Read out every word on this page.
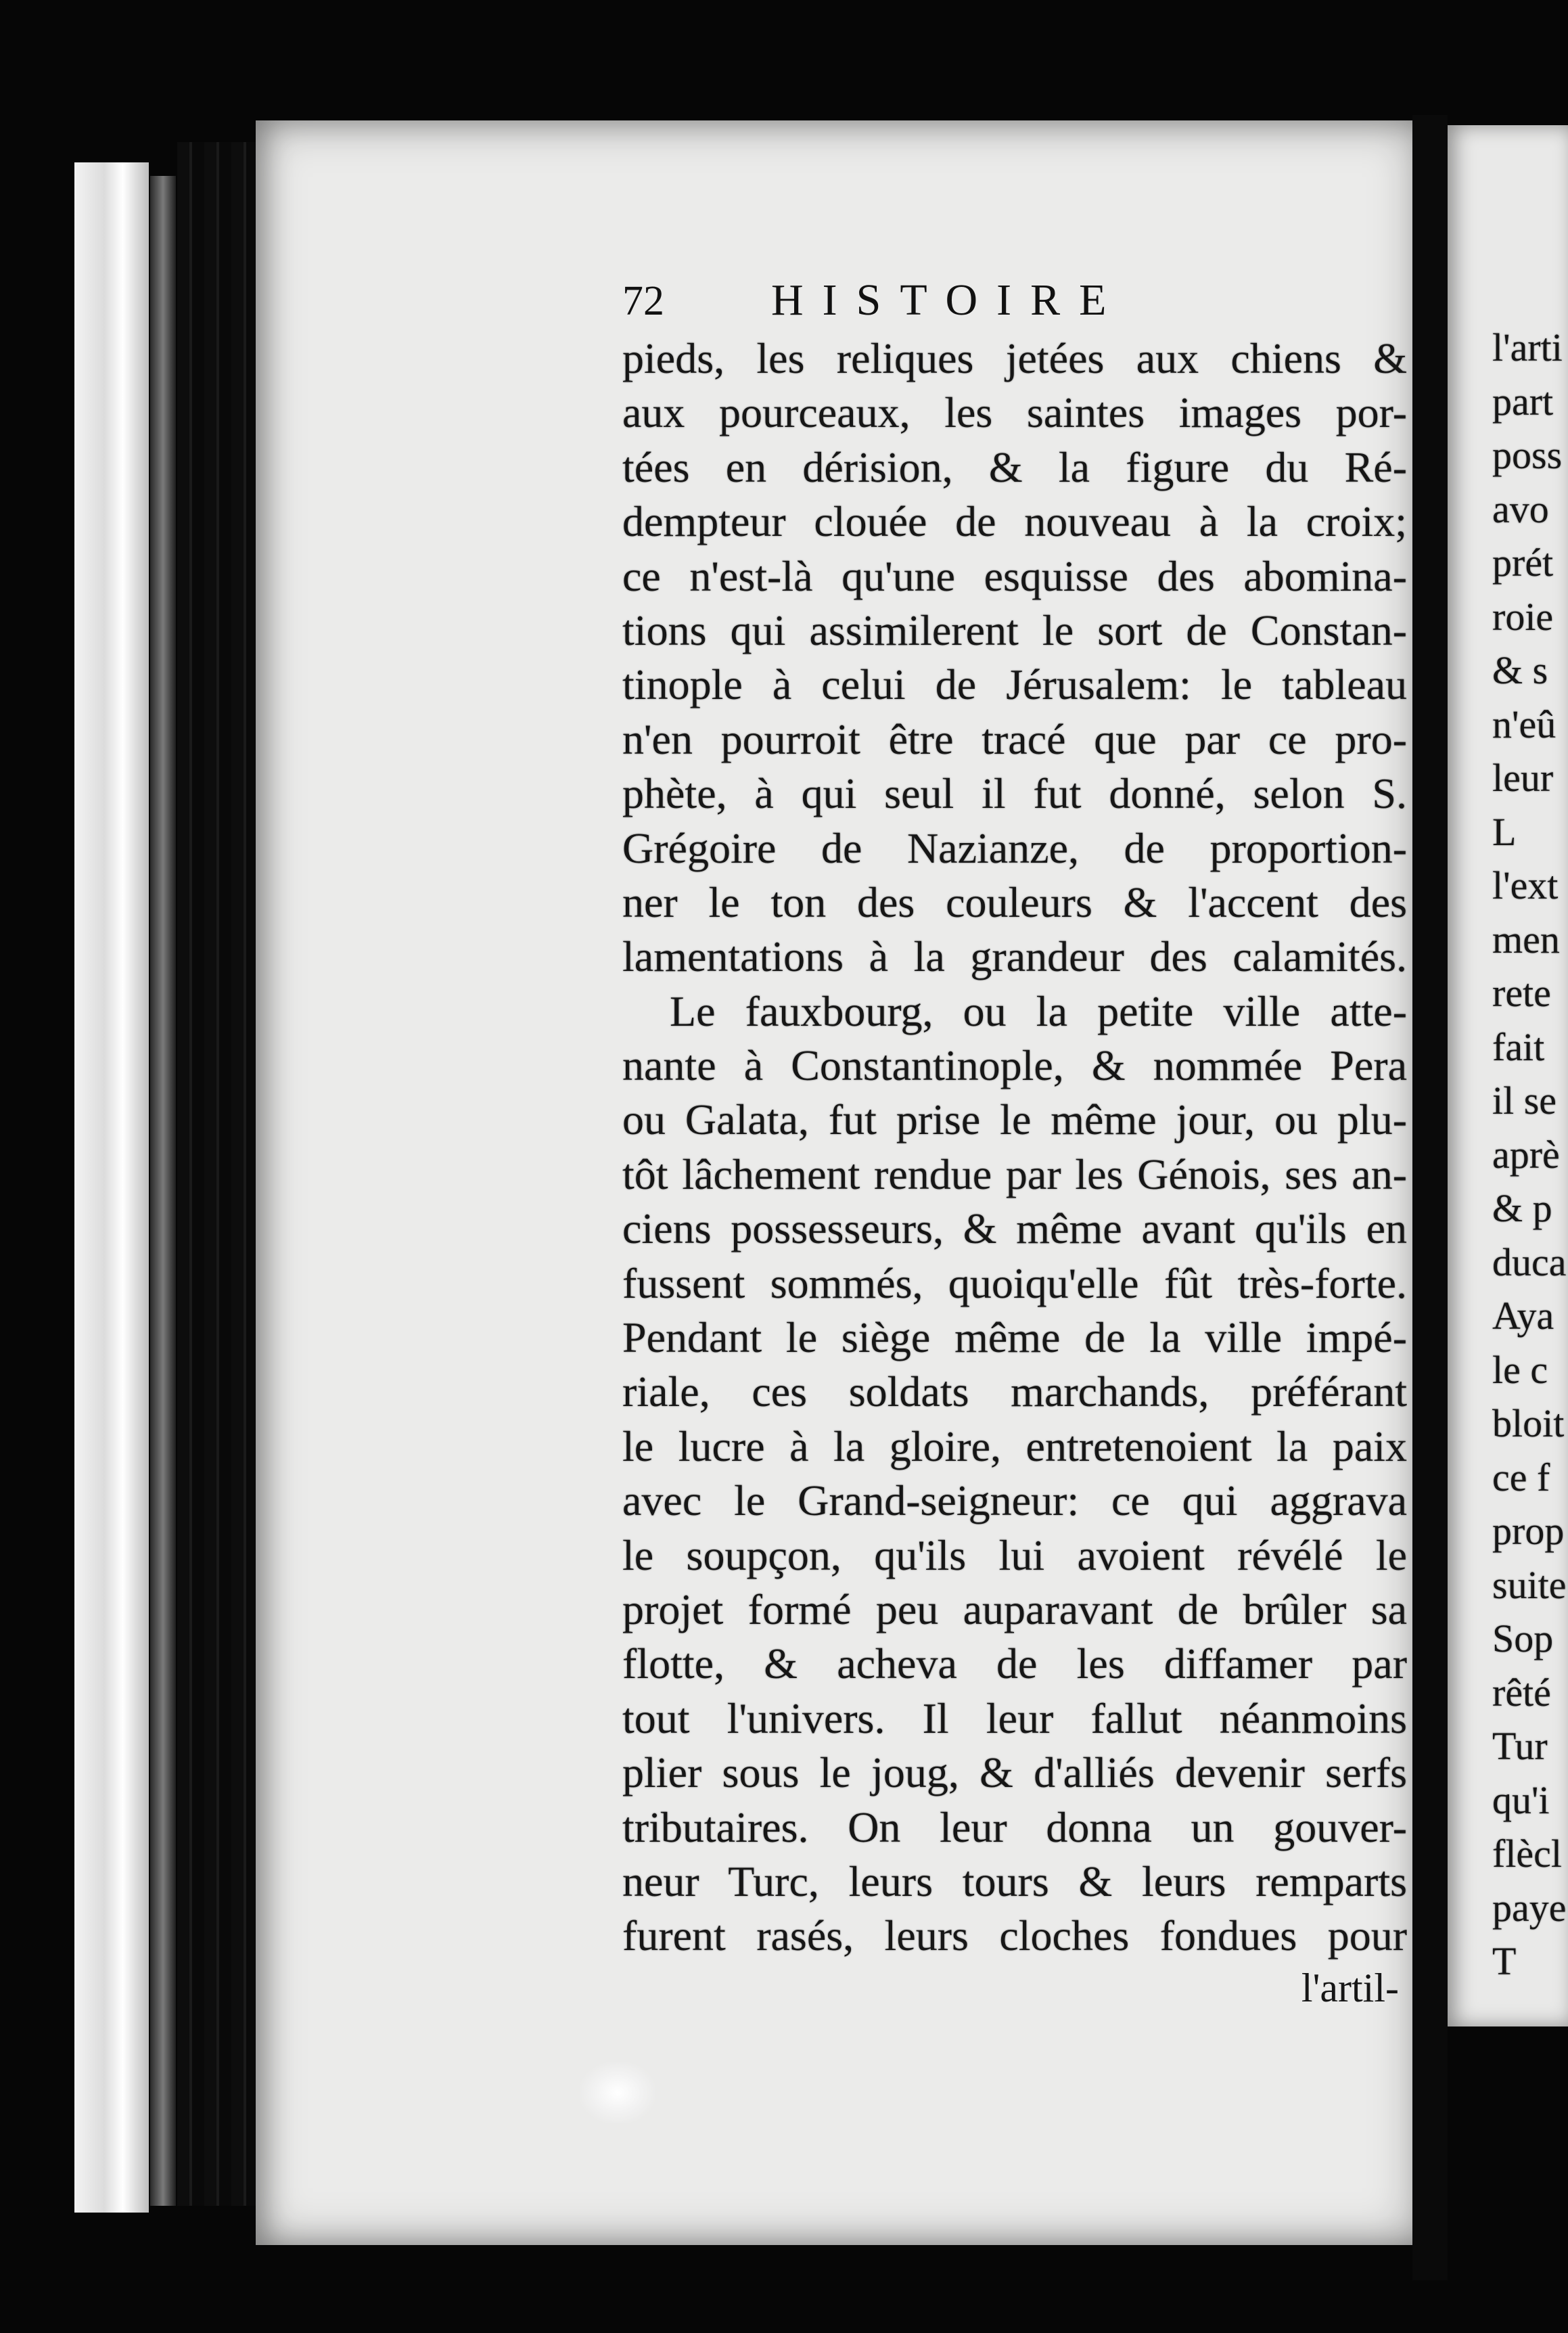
72	HISTOIRE
pieds, les reliques jetées aux chiens &
aux pourceaux, les saintes images por-
tées en dérision, & la figure du Ré-
dempteur clouée de nouveau à la croix;
ce n'est-là qu'une esquisse des abomina-
tions qui assimilerent le sort de Constan-
tinople à celui de Jérusalem: le tableau
n'en pourroit être tracé que par ce pro-
phète, à qui seul il fut donné, selon S.
Grégoire de Nazianze, de proportion-
ner le ton des couleurs & l'accent des
lamentations à la grandeur des calamités.
Le fauxbourg, ou la petite ville atte-
nante à Constantinople, & nommée Pera
ou Galata, fut prise le même jour, ou plu-
tôt lâchement rendue par les Génois, ses an-
ciens possesseurs, & même avant qu'ils en
fussent sommés, quoiqu'elle fût très-forte.
Pendant le siège même de la ville impé-
riale, ces soldats marchands, préférant
le lucre à la gloire, entretenoient la paix
avec le Grand-seigneur: ce qui aggrava
le soupçon, qu'ils lui avoient révélé le
projet formé peu auparavant de brûler sa
flotte, & acheva de les diffamer par
tout l'univers. Il leur fallut néanmoins
plier sous le joug, & d'alliés devenir serfs
tributaires. On leur donna un gouver-
neur Turc, leurs tours & leurs remparts
furent rasés, leurs cloches fondues pour
l'artil-
l'arti
part
poss
avo
prét
roie
& s
n'eû
leur
L
l'ext
men
rete
fait
il se
aprè
& p
duca
Aya
le c
bloit
ce f
prop
suite
Sop
rêté
Tur
qu'i
flècl
paye
T
